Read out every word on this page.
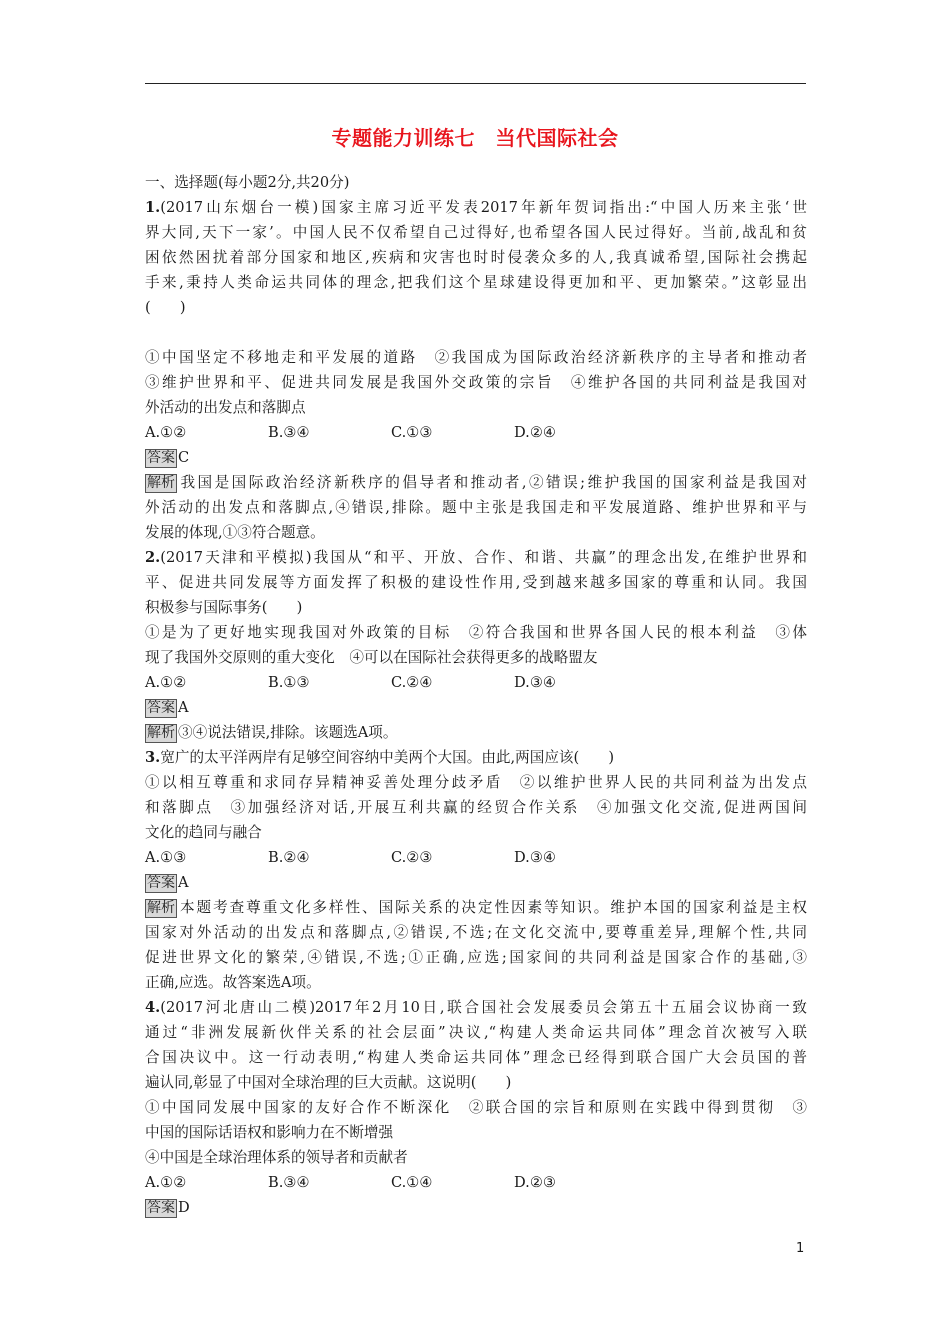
专题能力训练七　当代国际社会
一、选择题(每小题2分,共20分)
1.(2017山东烟台一模)国家主席习近平发表2017年新年贺词指出:“中国人历来主张‘世
界大同,天下一家’。中国人民不仅希望自己过得好,也希望各国人民过得好。当前,战乱和贫
困依然困扰着部分国家和地区,疾病和灾害也时时侵袭众多的人,我真诚希望,国际社会携起
手来,秉持人类命运共同体的理念,把我们这个星球建设得更加和平、更加繁荣。”这彰显出
(　　)
①中国坚定不移地走和平发展的道路　②我国成为国际政治经济新秩序的主导者和推动者
③维护世界和平、促进共同发展是我国外交政策的宗旨　④维护各国的共同利益是我国对
外活动的出发点和落脚点
A.①②	B.③④	C.①③	D.②④
答案 C
解析 我国是国际政治经济新秩序的倡导者和推动者,②错误;维护我国的国家利益是我国对
外活动的出发点和落脚点,④错误,排除。题中主张是我国走和平发展道路、维护世界和平与
发展的体现,①③符合题意。
2.(2017天津和平模拟)我国从“和平、开放、合作、和谐、共赢”的理念出发,在维护世界和
平、促进共同发展等方面发挥了积极的建设性作用,受到越来越多国家的尊重和认同。我国
积极参与国际事务(　　)
①是为了更好地实现我国对外政策的目标　②符合我国和世界各国人民的根本利益　③体
现了我国外交原则的重大变化　④可以在国际社会获得更多的战略盟友
A.①②	B.①③	C.②④	D.③④
答案 A
解析 ③④说法错误,排除。该题选A项。
3.宽广的太平洋两岸有足够空间容纳中美两个大国。由此,两国应该(　　)
①以相互尊重和求同存异精神妥善处理分歧矛盾　②以维护世界人民的共同利益为出发点
和落脚点　③加强经济对话,开展互利共赢的经贸合作关系　④加强文化交流,促进两国间
文化的趋同与融合
A.①③	B.②④	C.②③	D.③④
答案 A
解析 本题考查尊重文化多样性、国际关系的决定性因素等知识。维护本国的国家利益是主权
国家对外活动的出发点和落脚点,②错误,不选;在文化交流中,要尊重差异,理解个性,共同
促进世界文化的繁荣,④错误,不选;①正确,应选;国家间的共同利益是国家合作的基础,③
正确,应选。故答案选A项。
4.(2017河北唐山二模)2017年2月10日,联合国社会发展委员会第五十五届会议协商一致
通过“非洲发展新伙伴关系的社会层面”决议,“构建人类命运共同体”理念首次被写入联
合国决议中。这一行动表明,“构建人类命运共同体”理念已经得到联合国广大会员国的普
遍认同,彰显了中国对全球治理的巨大贡献。这说明(　　)
①中国同发展中国家的友好合作不断深化　②联合国的宗旨和原则在实践中得到贯彻　③
中国的国际话语权和影响力在不断增强
④中国是全球治理体系的领导者和贡献者
A.①②	B.③④	C.①④	D.②③
答案 D
1
